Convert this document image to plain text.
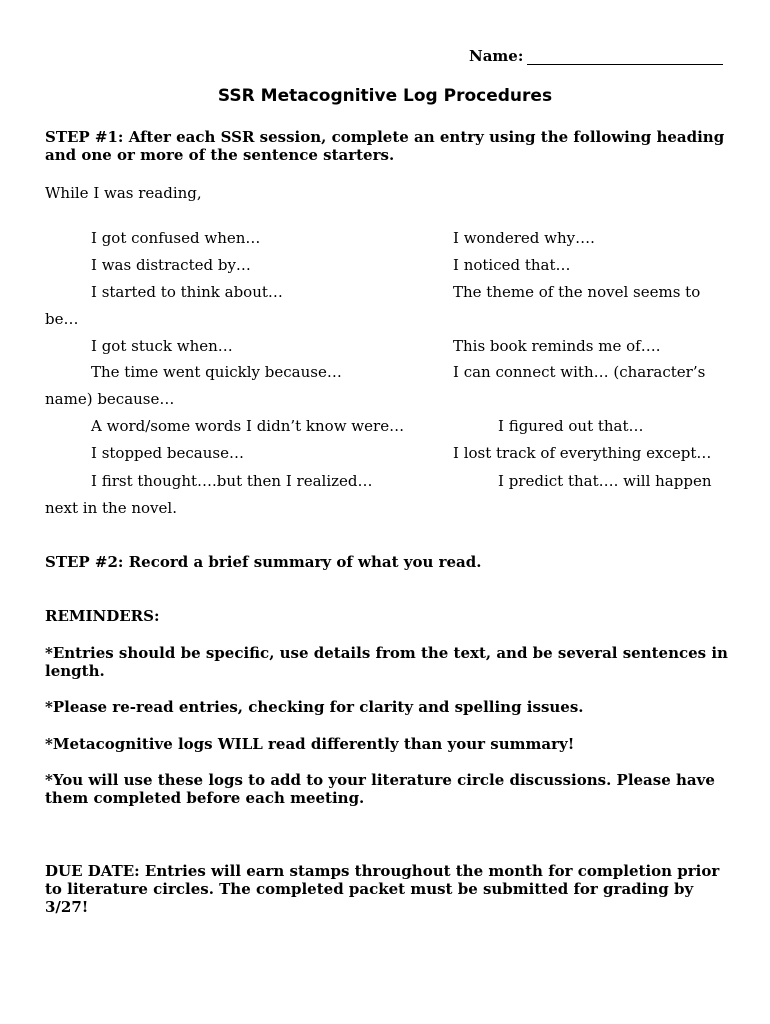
Name:
SSR Metacognitive Log Procedures
STEP #1: After each SSR session, complete an entry using the following heading and one or more of the sentence starters.
While I was reading,
I got confused when…	I wondered why….
I was distracted by…	I noticed that…
I started to think about…	The theme of the novel seems to
be…
I got stuck when…	This book reminds me of….
The time went quickly because…	I can connect with… (character’s
name) because…
A word/some words I didn’t know were…	I figured out that…
I stopped because…	I lost track of everything except…
I first thought….but then I realized…	I predict that…. will happen
next in the novel.
STEP #2: Record a brief summary of what you read.
REMINDERS:
*Entries should be specific, use details from the text, and be several sentences in length.
*Please re-read entries, checking for clarity and spelling issues.
*Metacognitive logs WILL read differently than your summary!
*You will use these logs to add to your literature circle discussions. Please have them completed before each meeting.
DUE DATE: Entries will earn stamps throughout the month for completion prior to literature circles. The completed packet must be submitted for grading by 3/27!
